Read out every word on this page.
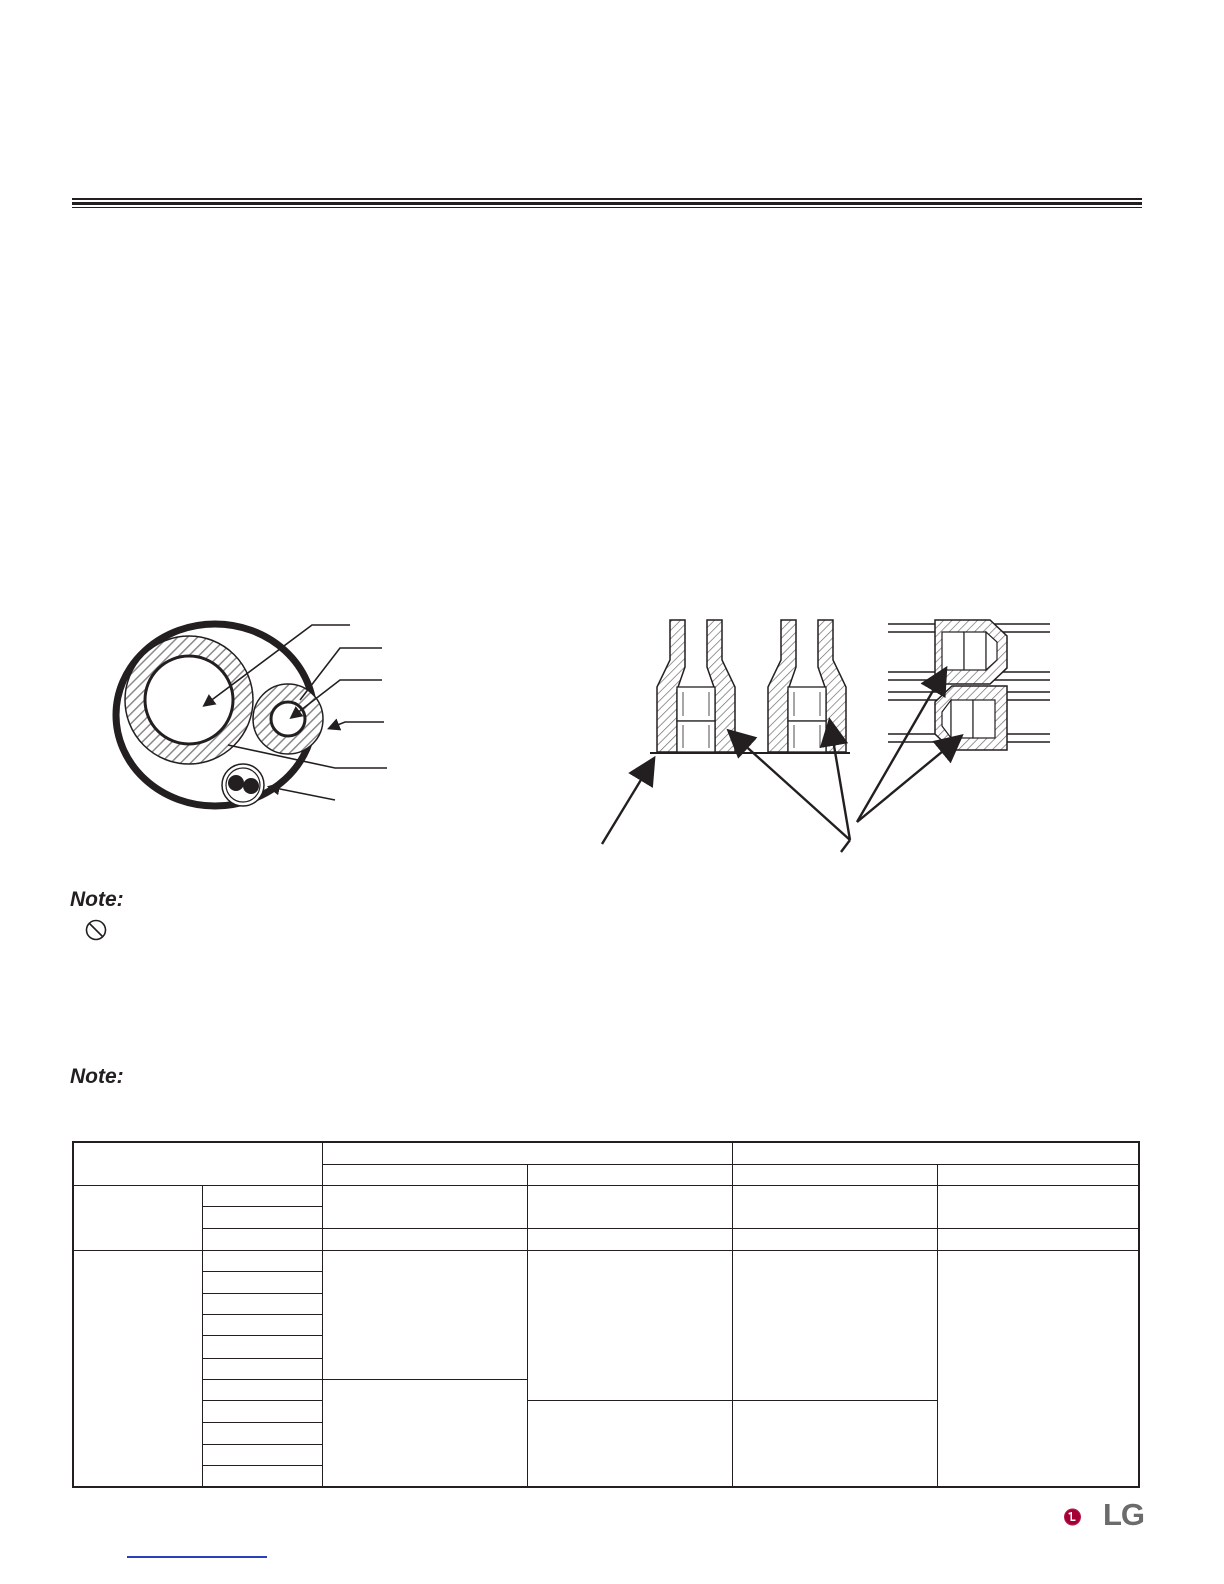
Note:
Note:

LG
